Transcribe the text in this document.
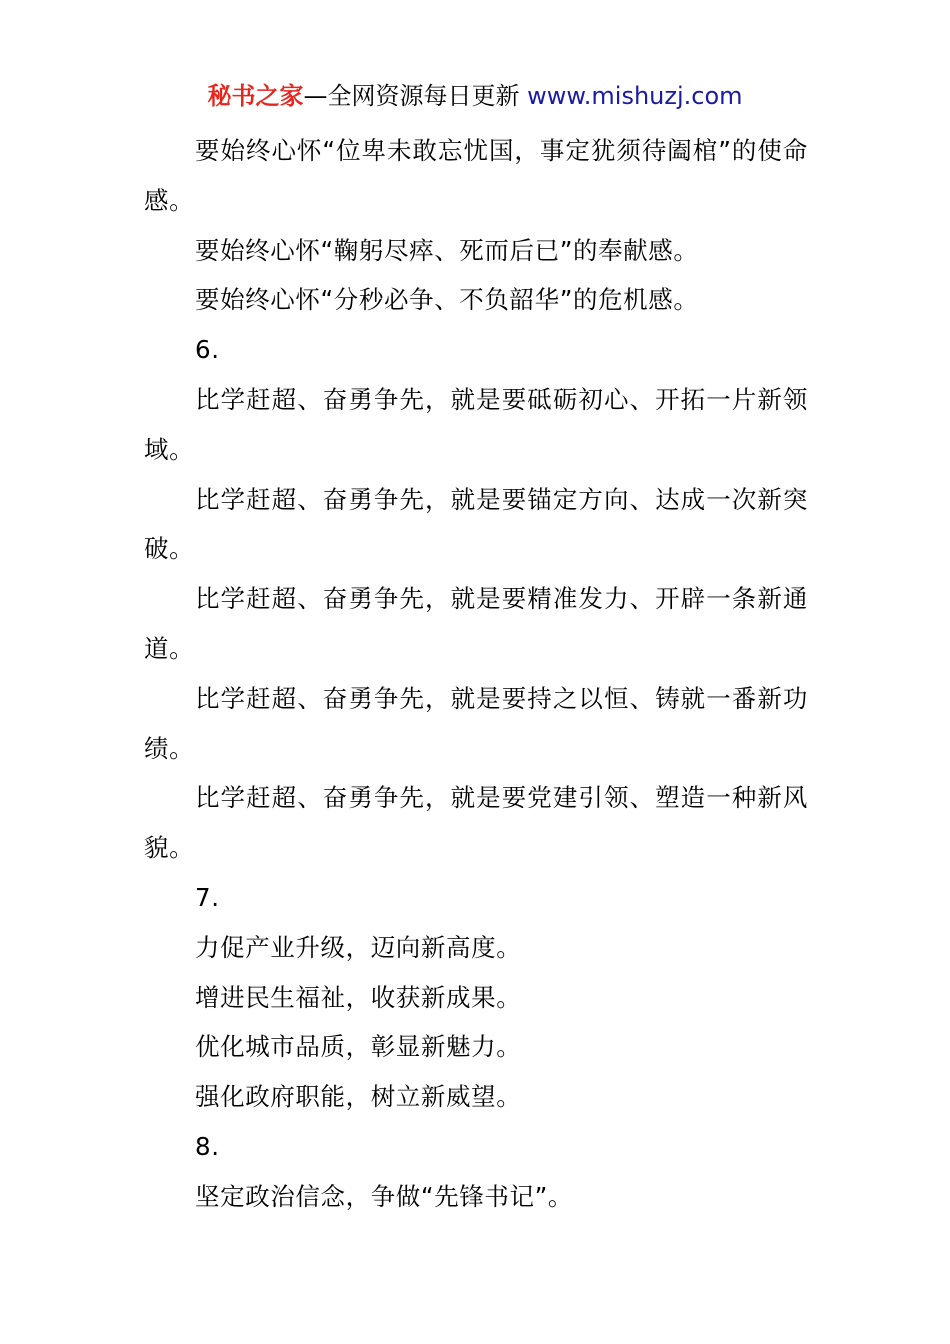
秘书之家—全网资源每日更新 www.mishuzj.com

要始终心怀“位卑未敢忘忧国，事定犹须待阖棺”的使命感。

要始终心怀“鞠躬尽瘁、死而后已”的奉献感。

要始终心怀“分秒必争、不负韶华”的危机感。

6.

比学赶超、奋勇争先，就是要砥砺初心、开拓一片新领域。

比学赶超、奋勇争先，就是要锚定方向、达成一次新突破。

比学赶超、奋勇争先，就是要精准发力、开辟一条新通道。

比学赶超、奋勇争先，就是要持之以恒、铸就一番新功绩。

比学赶超、奋勇争先，就是要党建引领、塑造一种新风貌。

7.

力促产业升级，迈向新高度。

增进民生福祉，收获新成果。

优化城市品质，彰显新魅力。

强化政府职能，树立新威望。

8.

坚定政治信念，争做“先锋书记”。
